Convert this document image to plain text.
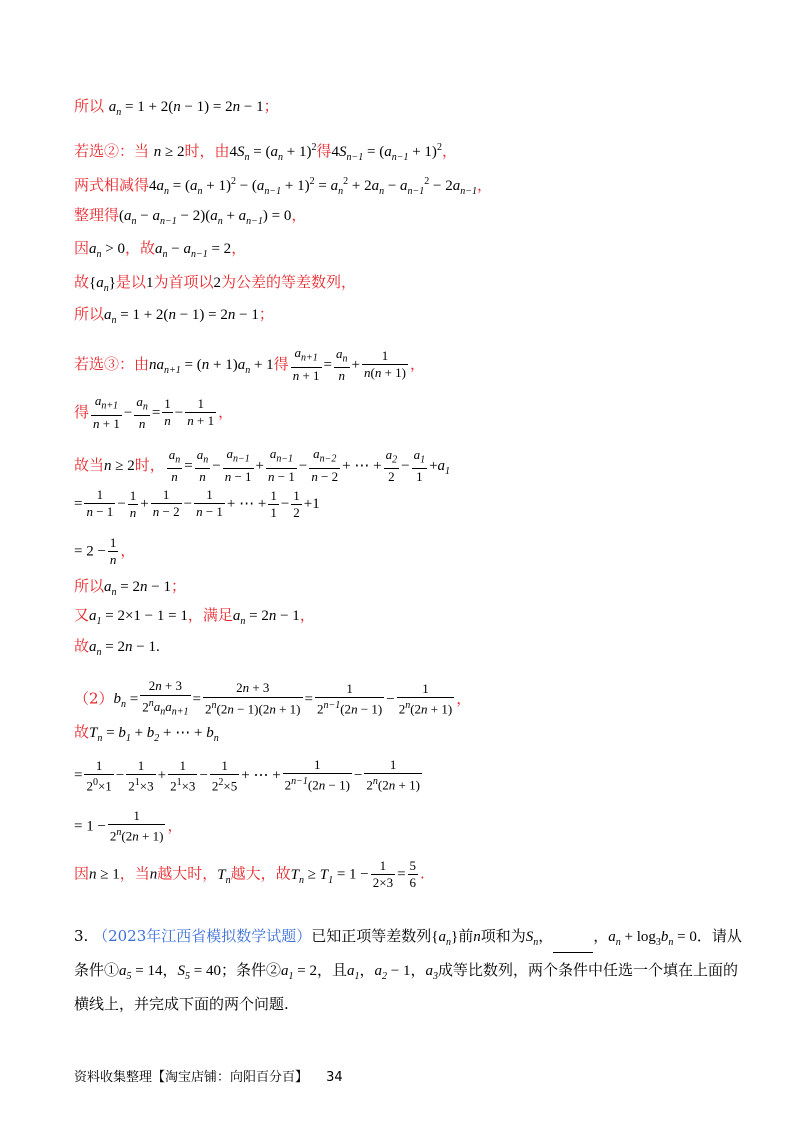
所以 $a_n = 1 + 2(n - 1) = 2n - 1$；
若选②：当 n ≥ 2时，由$4S_n = (a_n + 1)^2$得$4S_{n-1} = (a_{n-1} + 1)^2$，
两式相减得$4a_n = (a_n + 1)^2 - (a_{n-1} + 1)^2 = a_n^2 + 2a_n - a_{n-1}^2 - 2a_{n-1}$，
整理得$(a_n - a_{n-1} - 2)(a_n + a_{n-1}) = 0$，
因$a_n > 0$，故$a_n - a_{n-1} = 2$，
故$\{a_n\}$是以1为首项以2为公差的等差数列，
所以$a_n = 1 + 2(n - 1) = 2n - 1$；
若选③：由$na_{n+1} = (n + 1)a_n + 1$得 $\frac{a_{n+1}}{n + 1} = \frac{a_n}{n} + \frac{1}{n(n + 1)}$ ，
得 $\frac{a_{n+1}}{n + 1} - \frac{a_n}{n} = \frac{1}{n} - \frac{1}{n + 1}$ ，
故当n ≥ 2时， $\frac{a_n}{n} = \frac{a_n}{n} - \frac{a_{n-1}}{n - 1} + \frac{a_{n-1}}{n - 1} - \frac{a_{n-2}}{n - 2}$ + ⋯ + $\frac{a_2}{2} - \frac{a_1}{1} +a_1$
= $\frac{1}{n - 1} - \frac{1}{n} + \frac{1}{n - 2} - \frac{1}{n - 1}$ + ⋯ + $\frac{1}{1} - \frac{1}{2} +1$
= $2 - \frac{1}{n}$ ，
所以$a_n = 2n - 1$；
又$a_1 = 2\times 1 - 1 = 1$，满足$a_n = 2n - 1$，
故$a_n = 2n - 1$.
$(2)b_n = \frac{2n + 3}{2^na_na_{n+1}} = \frac{2n + 3}{2^n(2n - 1)(2n + 1)} = \frac{1}{2^{n-1}(2n - 1)} - \frac{1}{2^n(2n + 1)}$ ，
故$T_n = b_1 + b_2$ + ⋯ + $b_n$
= $\frac{1}{2^0\times 1} - \frac{1}{2^1\times 3} + \frac{1}{2^1\times 3} - \frac{1}{2^2\times 5}$ + ⋯ + $\frac{1}{2^{n-1}(2n - 1)} - \frac{1}{2^n(2n + 1)}$
= $1 - \frac{1}{2^n(2n + 1)}$ ，
因n ≥ 1，当n越大时，$T_n$越大，故$T_n \ge T_1 = 1 - \frac{1}{2\times 3} = \frac{5}{6}$ .
3. （2023年江西省模拟数学试题）已知正项等差数列$\{a_n\}$前n项和为$S_n$，	，$a_n + \log_3b_n = 0$．请从
条件$①a_5 = 14$，$S_5 = 40$；条件$②a_1 = 2$，且$a_1$，$a_2 - 1$，$a_3$成等比数列，两个条件中任选一个填在上面的
横线上，并完成下面的两个问题.
资料收集整理【淘宝店铺：向阳百分百】 34
